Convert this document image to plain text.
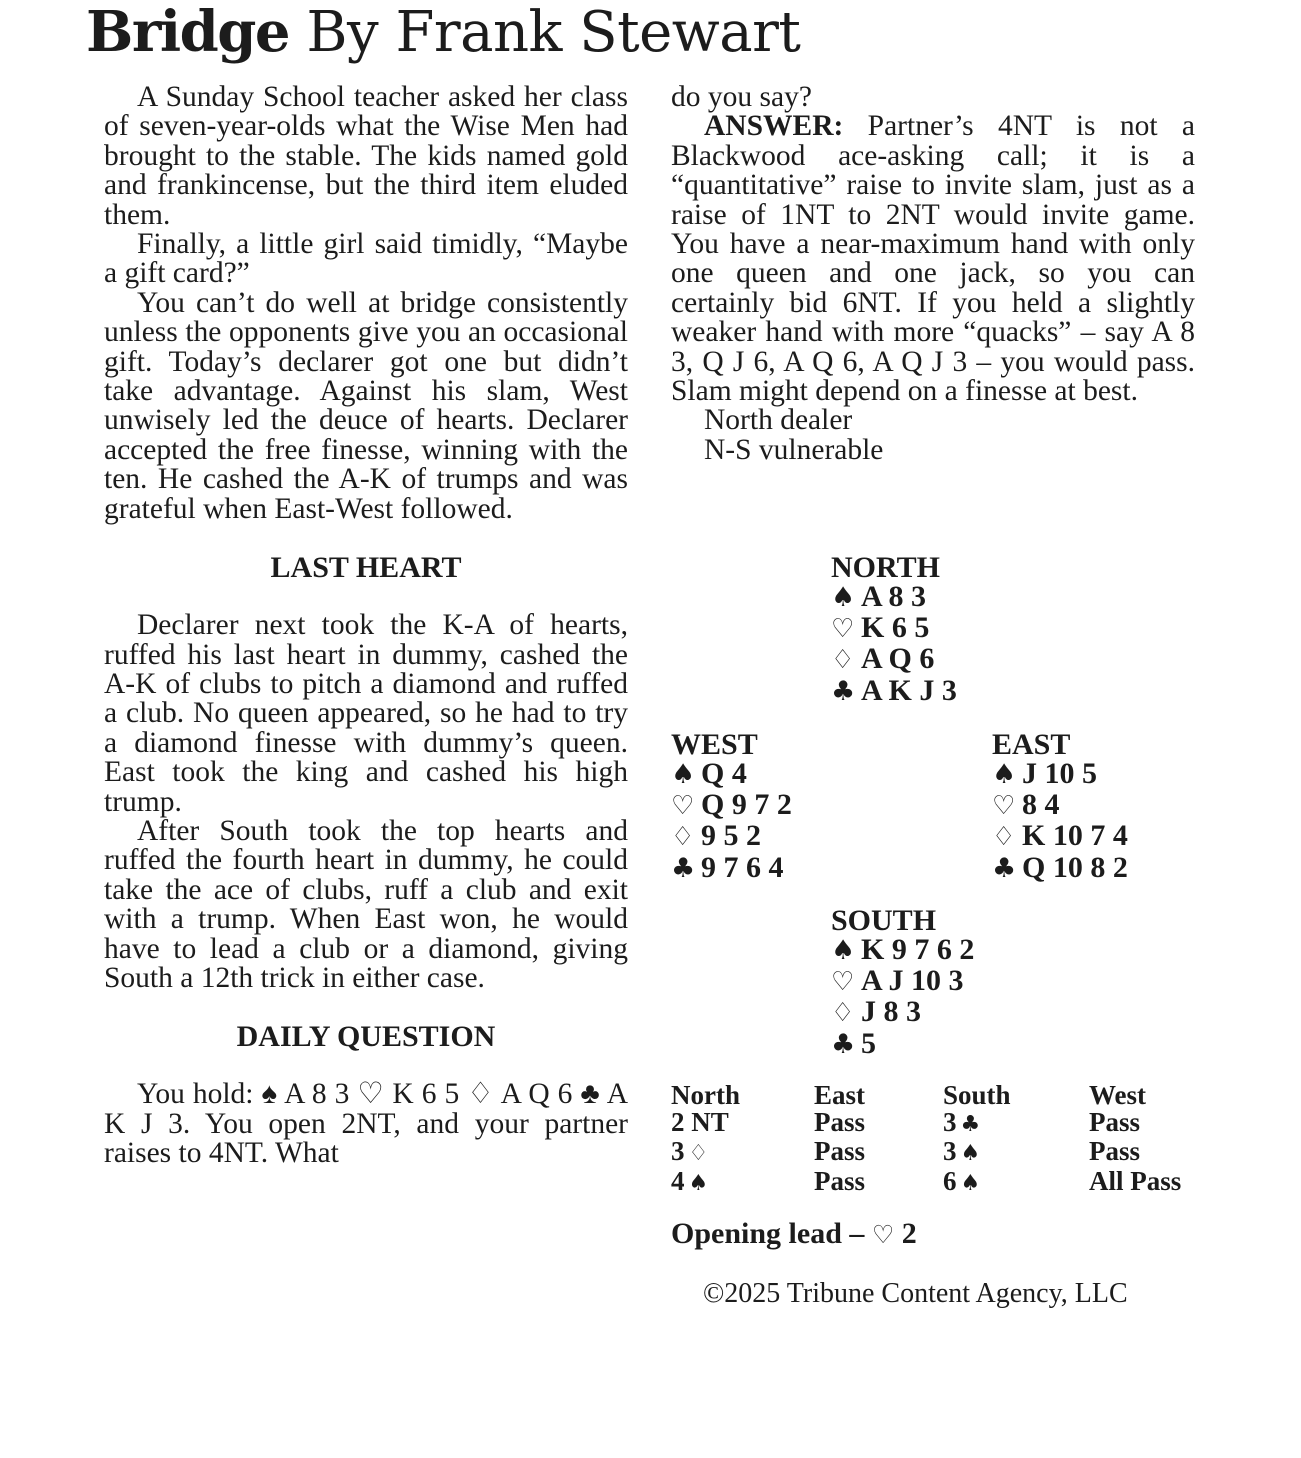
Bridge By Frank Stewart

A Sunday School teacher asked her class of seven-year-olds what the Wise Men had brought to the stable. The kids named gold and frankincense, but the third item eluded them.

Finally, a little girl said timidly, “Maybe a gift card?”

You can’t do well at bridge consistently unless the opponents give you an occasional gift. Today’s declarer got one but didn’t take advantage. Against his slam, West unwisely led the deuce of hearts. Declarer accepted the free finesse, winning with the ten. He cashed the A-K of trumps and was grateful when East-West followed.

LAST HEART

Declarer next took the K-A of hearts, ruffed his last heart in dummy, cashed the A-K of clubs to pitch a diamond and ruffed a club. No queen appeared, so he had to try a diamond finesse with dummy’s queen. East took the king and cashed his high trump.

After South took the top hearts and ruffed the fourth heart in dummy, he could take the ace of clubs, ruff a club and exit with a trump. When East won, he would have to lead a club or a diamond, giving South a 12th trick in either case.

DAILY QUESTION

You hold: ♠ A 8 3 ♡ K 6 5 ♢ A Q 6 ♣ A K J 3. You open 2NT, and your partner raises to 4NT. What

do you say?

ANSWER: Partner’s 4NT is not a Blackwood ace-asking call; it is a “quantitative” raise to invite slam, just as a raise of 1NT to 2NT would invite game. You have a near-maximum hand with only one queen and one jack, so you can certainly bid 6NT. If you held a slightly weaker hand with more “quacks” – say A 8 3, Q J 6, A Q 6, A Q J 3 – you would pass. Slam might depend on a finesse at best.

North dealer
N-S vulnerable
NORTH
♠ A 8 3
♡ K 6 5
♢ A Q 6
♣ A K J 3
WEST
♠ Q 4
♡ Q 9 7 2
♢ 9 5 2
♣ 9 7 6 4
EAST
♠ J 10 5
♡ 8 4
♢ K 10 7 4
♣ Q 10 8 2
SOUTH
♠ K 9 7 6 2
♡ A J 10 3
♢ J 8 3
♣ 5
North	East	South	West
2 NT	Pass	3 ♣	Pass
3 ♢	Pass	3 ♠	Pass
4 ♠	Pass	6 ♠	All Pass
Opening lead – ♡ 2
©2025 Tribune Content Agency, LLC
